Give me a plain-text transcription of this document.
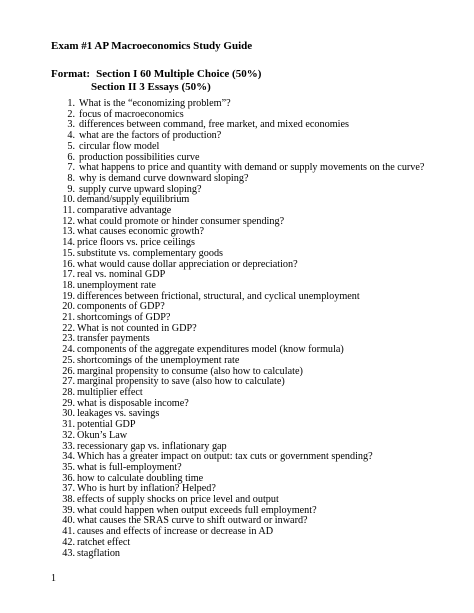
Exam #1 AP Macroeconomics Study Guide
Format: Section I 60 Multiple Choice (50%)
Section II 3 Essays (50%)
1. What is the “economizing problem”?
2. focus of macroeconomics
3. differences between command, free market, and mixed economies
4. what are the factors of production?
5. circular flow model
6. production possibilities curve
7. what happens to price and quantity with demand or supply movements on the curve?
8. why is demand curve downward sloping?
9. supply curve upward sloping?
10. demand/supply equilibrium
11. comparative advantage
12. what could promote or hinder consumer spending?
13. what causes economic growth?
14. price floors vs. price ceilings
15. substitute vs. complementary goods
16. what would cause dollar appreciation or depreciation?
17. real vs. nominal GDP
18. unemployment rate
19. differences between frictional, structural, and cyclical unemployment
20. components of GDP?
21. shortcomings of GDP?
22. What is not counted in GDP?
23. transfer payments
24. components of the aggregate expenditures model (know formula)
25. shortcomings of the unemployment rate
26. marginal propensity to consume (also how to calculate)
27. marginal propensity to save (also how to calculate)
28. multiplier effect
29. what is disposable income?
30. leakages vs. savings
31. potential GDP
32. Okun’s Law
33. recessionary gap vs. inflationary gap
34. Which has a greater impact on output: tax cuts or government spending?
35. what is full-employment?
36. how to calculate doubling time
37. Who is hurt by inflation? Helped?
38. effects of supply shocks on price level and output
39. what could happen when output exceeds full employment?
40. what causes the SRAS curve to shift outward or inward?
41. causes and effects of increase or decrease in AD
42. ratchet effect
43. stagflation
1
